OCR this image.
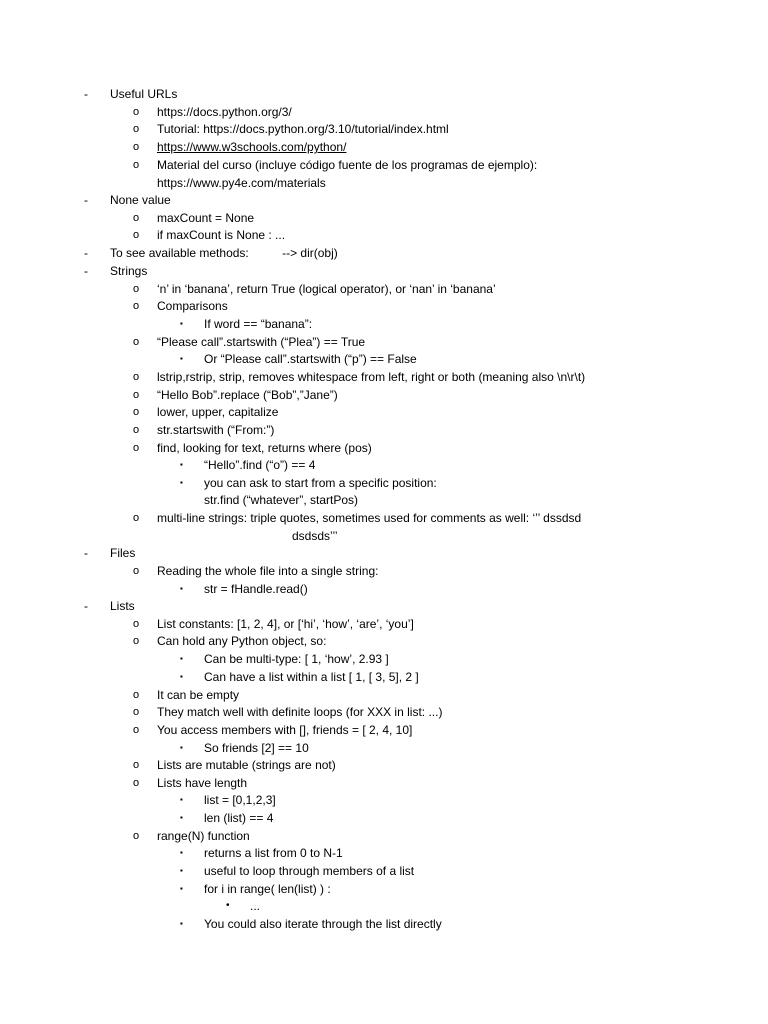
- Useful URLs
o https://docs.python.org/3/
o Tutorial: https://docs.python.org/3.10/tutorial/index.html
o https://www.w3schools.com/python/
o Material del curso (incluye código fuente de los programas de ejemplo):
https://www.py4e.com/materials
- None value
o maxCount = None
o if maxCount is None : ...
- To see available methods:          --> dir(obj)
- Strings
o ‘n’ in ‘banana’, return True (logical operator), or ‘nan’ in ‘banana’
o Comparisons
▪ If word == “banana”:
o “Please call”.startswith (“Plea”) == True
▪ Or “Please call”.startswith (“p”) == False
o lstrip,rstrip, strip, removes whitespace from left, right or both (meaning also \n\r\t)
o “Hello Bob”.replace (“Bob”,”Jane”)
o lower, upper, capitalize
o str.startswith (“From:”)
o find, looking for text, returns where (pos)
▪ “Hello”.find (“o”) == 4
▪ you can ask to start from a specific position:
str.find (“whatever”, startPos)
o multi-line strings: triple quotes, sometimes used for comments as well: ‘’’ dssdsd
dsdsds’’’
- Files
o Reading the whole file into a single string:
▪ str = fHandle.read()
- Lists
o List constants: [1, 2, 4], or [‘hi’, ‘how’, ‘are’, ‘you’]
o Can hold any Python object, so:
▪ Can be multi-type: [ 1, ‘how’, 2.93 ]
▪ Can have a list within a list [ 1, [ 3, 5], 2 ]
o It can be empty
o They match well with definite loops (for XXX in list: ...)
o You access members with [], friends = [ 2, 4, 10]
▪ So friends [2] == 10
o Lists are mutable (strings are not)
o Lists have length
▪ list = [0,1,2,3]
▪ len (list) == 4
o range(N) function
▪ returns a list from 0 to N-1
▪ useful to loop through members of a list
▪ for i in range( len(list) ) :
• ...
▪ You could also iterate through the list directly
